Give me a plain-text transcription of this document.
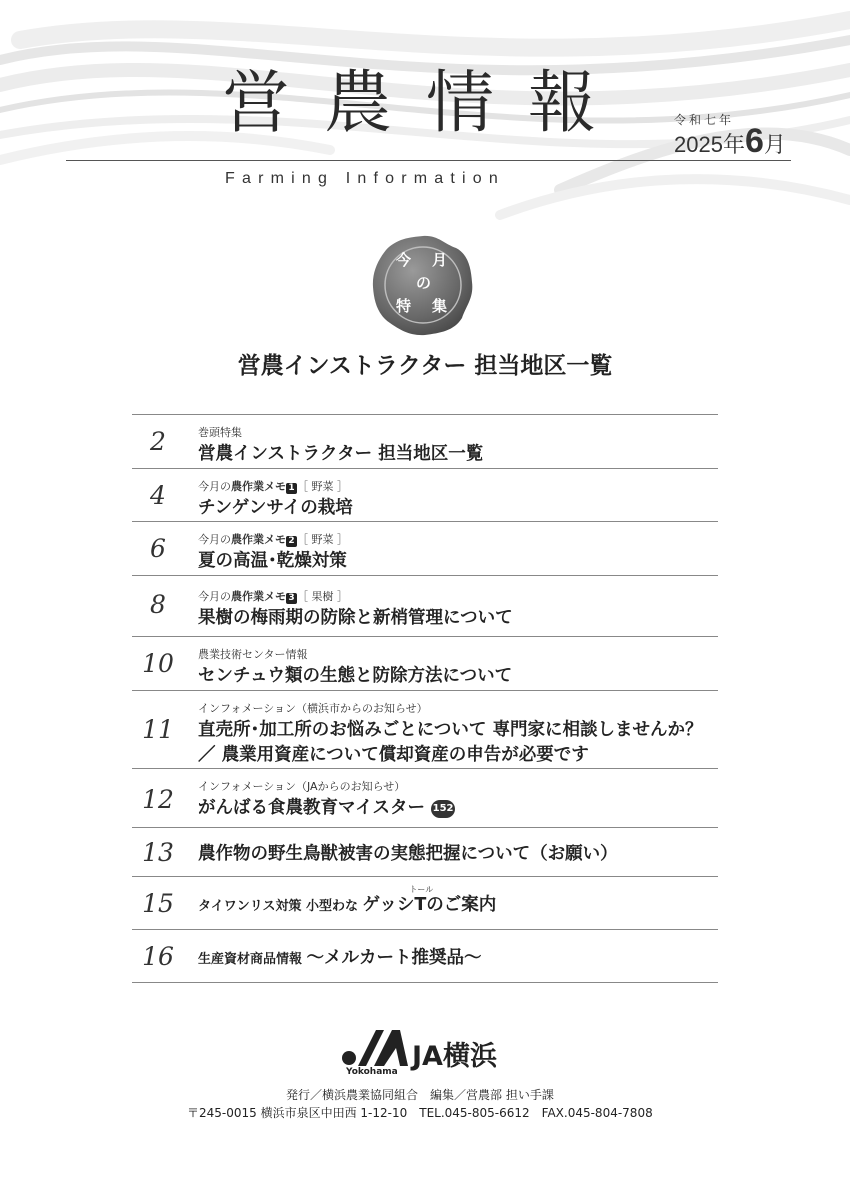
営農情報	令和七年
2025年6月
Farming Information
今 月
の
特 集
営農インストラクター 担当地区一覧
2	巻頭特集
営農インストラクター 担当地区一覧
4	今月の農作業メモ 1 ［ 野菜 ］
チンゲンサイの栽培
6	今月の農作業メモ 2 ［ 野菜 ］
夏の高温･乾燥対策
8	今月の農作業メモ 3 ［ 果樹 ］
果樹の梅雨期の防除と新梢管理について
10	農業技術センター情報
センチュウ類の生態と防除方法について
11
インフォメーション（横浜市からのお知らせ）
直売所･加工所のお悩みごとについて 専門家に相談しませんか？
／ 農業用資産について償却資産の申告が必要です
12	インフォメーション（JAからのお知らせ）
がんばる食農教育マイスター 152
13	農作物の野生鳥獣被害の実態把握について（お願い）
15	タイワンリス対策 小型わな ゲッシT
トール
のご案内
16	生産資材商品情報 〜メルカート推奨品〜
JA横浜
Yokohama
発行／横浜農業協同組合　編集／営農部 担い手課
〒245-0015 横浜市泉区中田西 1-12-10　TEL.045-805-6612　FAX.045-804-7808
